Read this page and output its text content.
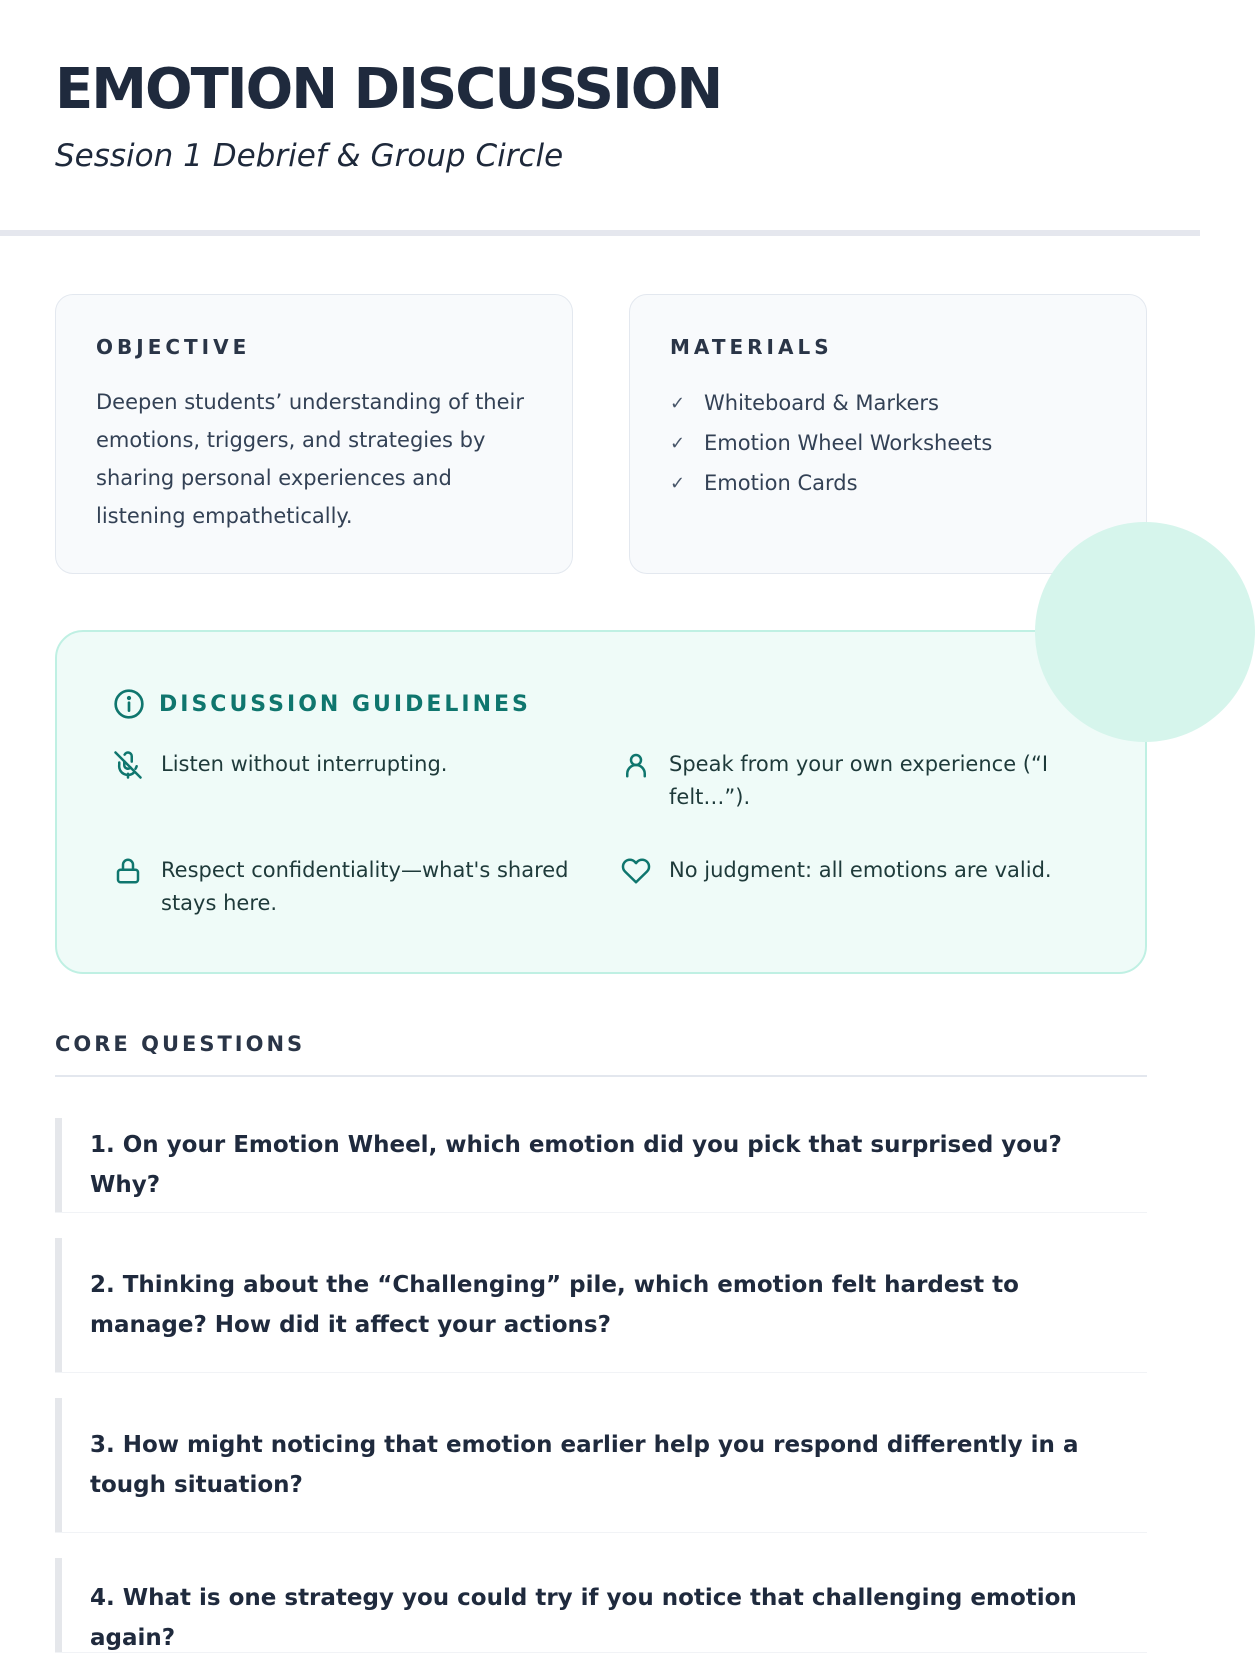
EMOTION DISCUSSION
Session 1 Debrief & Group Circle
OBJECTIVE
Deepen students’ understanding of their emotions, triggers, and strategies by sharing personal experiences and listening empathetically.
MATERIALS
✓ Whiteboard & Markers
✓ Emotion Wheel Worksheets
✓ Emotion Cards
DISCUSSION GUIDELINES
Listen without interrupting.	Speak from your own experience (“I felt…”).
Respect confidentiality—what's shared stays here.
No judgment: all emotions are valid.
CORE QUESTIONS
1. On your Emotion Wheel, which emotion did you pick that surprised you? Why?
2. Thinking about the “Challenging” pile, which emotion felt hardest to manage? How did it affect your actions?
3. How might noticing that emotion earlier help you respond differently in a tough situation?
4. What is one strategy you could try if you notice that challenging emotion again?
